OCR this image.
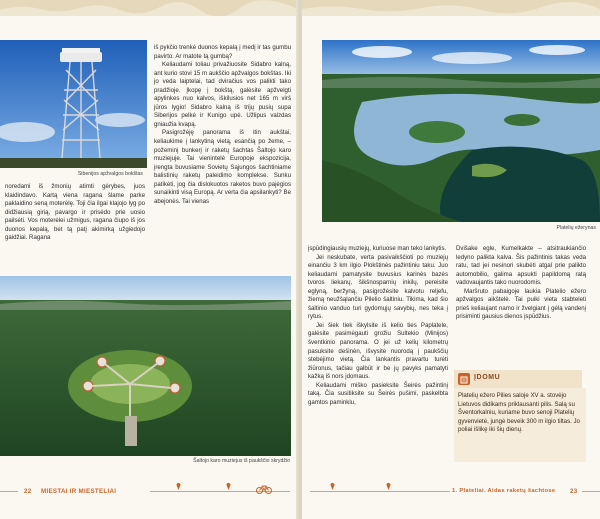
Sibenijos apžvalgos bokštas

noredami iš žmonių atimti gėrybes, juos klaidindavo. Kartą viena ragana šlame parke paklaidino seną moterėlę. Toji čia ilgai klajojo lyg po didžiausią girią, pavargo ir prisėdo prie uosio pailsėti. Vos moterėlei užmigus, ragana čiupo iš jos duonos kepalą, bet tą patį akimirką užgiedojo gaidžiai. Ragana

iš pykčio trenkė duonos kepalą į medį ir tas gumbu pavirto. Ar matote tą gumbą?

Keliaudami toliau privažiuosite Sidabro kalną, ant kurio stovi 15 m aukščio apžvalgos bokštas. Iki jo veda laiptelai, tad dviračius vos palikti tako pradžioje. Įkopę į bokštą, galėsite apžvelgti apylinkes nuo kalvos, iškilusios net 165 m virš jūros lygio! Sidabro kalną iš trijų pusių supa Siberijos pelkė ir Kunigo upė. Užlipus valzdas gniaužia kvapą.

Pasigrožėję panorama iš itin aukštai, keliaukime į lankytiną vietą, esančią po žeme, – požeminį bunkerį ir raketų šachtas Šaltojo karo muziejuje. Tai vienintelė Europoje ekspozicija, įrengta buvusiame Sovietų Sąjungos šachtiniame balistinių raketų paleidimo komplekse. Sunku patikėti, jog čia dislokuotos raketos buvo pajėgios sunaikinti visą Europą. Ar verta čia apsilankyti? Be abejonės. Tai vienas

Šaltojo karo muziejus iš paukščio skrydžio
22 MIESTAI IR MIESTELIAI
Platelių ežerynas

įspūdingiausių muziejų, kuriuose man teko lankytis.

Jei neskubate, verta pasivaikščioti po muziejų einančiu 3 km ilgio Plokštinės pažintiniu taku. Juo keliaudami pamatysite buvusius karinės bazės tvoros liekanų, šikšnosparnių inkilų, pereisite eglyną, beržyną, pasigrožėsite kalvotu reljefu, žiemą neužšąlančiu Pilelio šaltiniu. Tikima, kad šio šaltinio vanduo turi gydomųjų savybių, nes teka į rytus.

Jei šiek tiek iškylsite iš kelio ties Paplatele, galėsite pasimėgauti grožiu Sultekio (Minijos) šventkinio panorama. O jei už kelių kilometrų pasuksite dešinėn, išvysite nuorodą į paukščių stebėjimo vietą. Čia lankantis pravartu turėti žiūronus, tačiau galbūt ir be jų pavyks pamatyti kažką iš nors įdomaus.

Keliaudami miško pasieksite Šeirės pažintinį taką. Čia susitiksite su Šeirės pušimi, paskelbta gamtos paminklu,

Dvišake egle, Kumelkakte – atsitraukiančio ledyno palikta kalva. Šis pažintinis takas veda ratu, tad jei nesinori skubėti atgal prie palikto automobilio, galima apsukti papildomą ratą vadovaujantis tako nuorodomis.

Maršruto pabaigoje laukia Platelio ežero apžvalgos aikštelė. Tai puiki vieta stabteleti prieš keliaujant namo ir žvelgiant į gėlą vandenį prisiminti gausius dienos įspūdžius.

ĮDOMU
Platelių ežero Pilies saloje XV a. stovėjo Lietuvos didikams priklausanti pilis. Salą su Šventorkalniu, kuriame buvo senoji Platelių gyvenvietė, jungė beveik 300 m ilgio tiltas. Jo poliai išlikę iki šių dienų.
1. Plateliai. Aidas raketų šachtose 23
